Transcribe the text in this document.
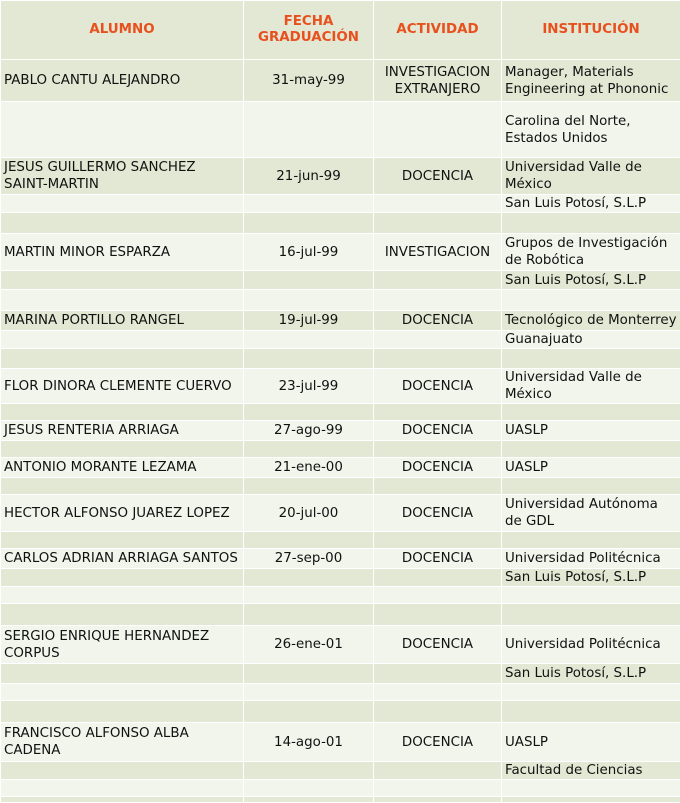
ALUMNO	FECHA GRADUACIÓN	ACTIVIDAD	INSTITUCIÓN
PABLO CANTU ALEJANDRO	31-may-99	INVESTIGACION EXTRANJERO	Manager, Materials Engineering at Phononic
			Carolina del Norte, Estados Unidos
JESUS GUILLERMO SANCHEZ SAINT-MARTIN	21-jun-99	DOCENCIA	Universidad Valle de México
			San Luis Potosí, S.L.P

MARTIN MINOR ESPARZA	16-jul-99	INVESTIGACION	Grupos de Investigación de Robótica
			San Luis Potosí, S.L.P

MARINA PORTILLO RANGEL	19-jul-99	DOCENCIA	Tecnológico de Monterrey
			Guanajuato

FLOR DINORA CLEMENTE CUERVO	23-jul-99	DOCENCIA	Universidad Valle de México

JESUS RENTERIA ARRIAGA	27-ago-99	DOCENCIA	UASLP

ANTONIO MORANTE LEZAMA	21-ene-00	DOCENCIA	UASLP

HECTOR ALFONSO JUAREZ LOPEZ	20-jul-00	DOCENCIA	Universidad Autónoma de GDL

CARLOS ADRIAN ARRIAGA SANTOS	27-sep-00	DOCENCIA	Universidad Politécnica
			San Luis Potosí, S.L.P

SERGIO ENRIQUE HERNANDEZ CORPUS	26-ene-01	DOCENCIA	Universidad Politécnica
			San Luis Potosí, S.L.P

FRANCISCO ALFONSO ALBA CADENA	14-ago-01	DOCENCIA	UASLP
			Facultad de Ciencias
